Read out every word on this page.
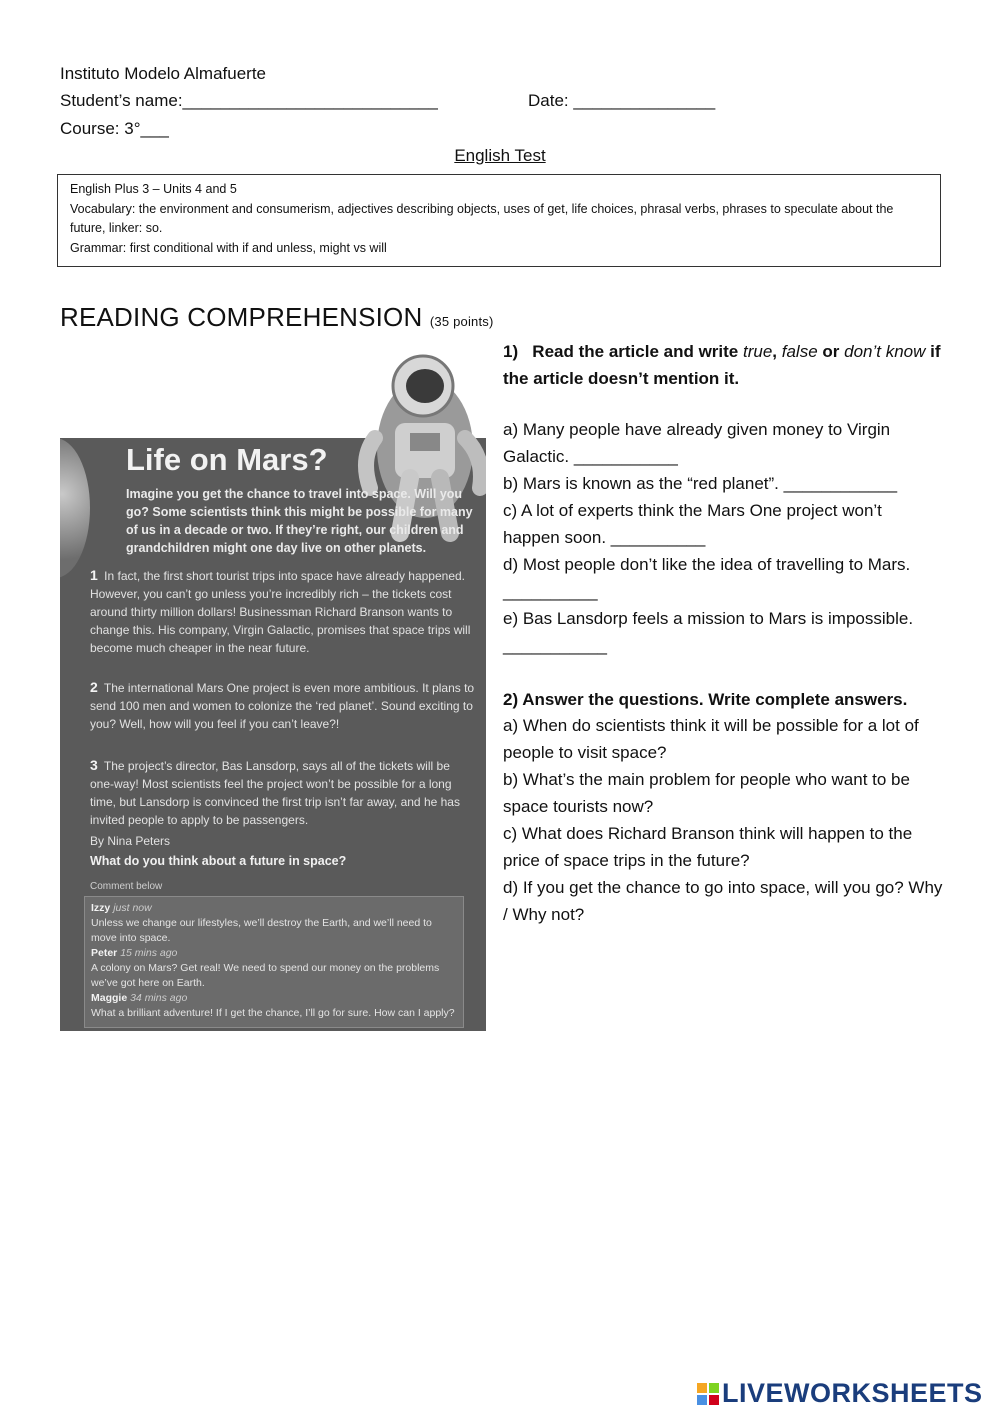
Instituto Modelo Almafuerte
Student’s name:___________________________	Date: _______________
Course: 3°___
English Test
English Plus 3 – Units 4 and 5
Vocabulary: the environment and consumerism, adjectives describing objects, uses of get, life choices, phrasal verbs, phrases to speculate about the future, linker: so.
Grammar: first conditional with if and unless, might vs will
READING COMPREHENSION (35 points)
Life on Mars?
Imagine you get the chance to travel into space. Will you go? Some scientists think this might be possible for many of us in a decade or two. If they’re right, our children and grandchildren might one day live on other planets.
1 In fact, the first short tourist trips into space have already happened. However, you can’t go unless you’re incredibly rich – the tickets cost around thirty million dollars! Businessman Richard Branson wants to change this. His company, Virgin Galactic, promises that space trips will become much cheaper in the near future.
2 The international Mars One project is even more ambitious. It plans to send 100 men and women to colonize the ‘red planet’. Sound exciting to you? Well, how will you feel if you can’t leave?!
3 The project’s director, Bas Lansdorp, says all of the tickets will be one-way! Most scientists feel the project won’t be possible for a long time, but Lansdorp is convinced the first trip isn’t far away, and he has invited people to apply to be passengers.
By Nina Peters
What do you think about a future in space?
Comment below
Izzy just now
Unless we change our lifestyles, we’ll destroy the Earth, and we’ll need to move into space.
Peter 15 mins ago
A colony on Mars? Get real! We need to spend our money on the problems we’ve got here on Earth.
Maggie 34 mins ago
What a brilliant adventure! If I get the chance, I’ll go for sure. How can I apply?
1) Read the article and write true, false or don’t know if the article doesn’t mention it.
a) Many people have already given money to Virgin Galactic. ___________
b) Mars is known as the “red planet”. ____________
c) A lot of experts think the Mars One project won’t happen soon. __________
d) Most people don’t like the idea of travelling to Mars. __________
e) Bas Lansdorp feels a mission to Mars is impossible. ___________
2) Answer the questions. Write complete answers.
a) When do scientists think it will be possible for a lot of people to visit space?
b) What’s the main problem for people who want to be space tourists now?
c) What does Richard Branson think will happen to the price of space trips in the future?
d) If you get the chance to go into space, will you go? Why / Why not?
LIVEWORKSHEETS
